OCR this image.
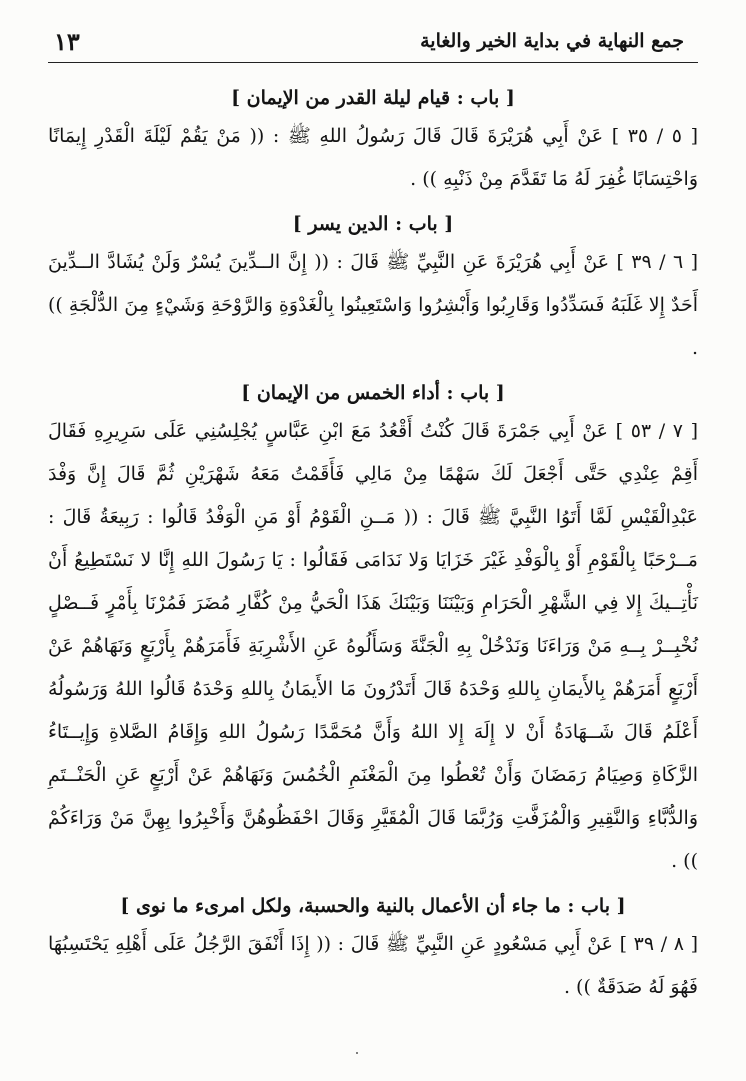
جمع النهاية في بداية الخير والغاية
١٣
[ باب : قيام ليلة القدر من الإيمان ]

[ ٥ / ٣٥ ] عَنْ أَبِي هُرَيْرَةَ قَالَ قَالَ رَسُولُ اللهِ ﷺ : (( مَنْ يَقُمْ لَيْلَةَ الْقَدْرِ إِيمَانًا وَاحْتِسَابًا غُفِرَ لَهُ مَا تَقَدَّمَ مِنْ ذَنْبِهِ )) .

[ باب : الدين يسر ]

[ ٦ / ٣٩ ] عَنْ أَبِي هُرَيْرَةَ عَنِ النَّبِيِّ ﷺ قَالَ : (( إِنَّ الــدِّينَ يُسْرٌ وَلَنْ يُشَادَّ الــدِّينَ أَحَدٌ إِلا غَلَبَهُ فَسَدِّدُوا وَقَارِبُوا وَأَبْشِرُوا وَاسْتَعِينُوا بِالْغَدْوَةِ وَالرَّوْحَةِ وَشَيْءٍ مِنَ الدُّلْجَةِ )) .

[ باب : أداء الخمس من الإيمان ]

[ ٧ / ٥٣ ] عَنْ أَبِي جَمْرَةَ قَالَ كُنْتُ أَقْعُدُ مَعَ ابْنِ عَبَّاسٍ يُجْلِسُنِي عَلَى سَرِيرِهِ فَقَالَ أَقِمْ عِنْدِي حَتَّى أَجْعَلَ لَكَ سَهْمًا مِنْ مَالِي فَأَقَمْتُ مَعَهُ شَهْرَيْنِ ثُمَّ قَالَ إِنَّ وَفْدَ عَبْدِالْقَيْسِ لَمَّا أَتَوُا النَّبِيَّ ﷺ قَالَ : (( مَــنِ الْقَوْمُ أَوْ مَنِ الْوَفْدُ قَالُوا : رَبِيعَةُ قَالَ : مَــرْحَبًا بِالْقَوْمِ أَوْ بِالْوَفْدِ غَيْرَ خَزَايَا وَلا نَدَامَى فَقَالُوا : يَا رَسُولَ اللهِ إِنَّا لا نَسْتَطِيعُ أَنْ نَأْتِــيكَ إِلا فِي الشَّهْرِ الْحَرَامِ وَبَيْنَنَا وَبَيْنَكَ هَذَا الْحَيُّ مِنْ كُفَّارِ مُضَرَ فَمُرْنَا بِأَمْرٍ فَــصْلٍ نُخْبِــرْ بِــهِ مَنْ وَرَاءَنَا وَنَدْخُلْ بِهِ الْجَنَّةَ وَسَأَلُوهُ عَنِ الأَشْرِبَةِ فَأَمَرَهُمْ بِأَرْبَعٍ وَنَهَاهُمْ عَنْ أَرْبَعٍ أَمَرَهُمْ بِالأَيمَانِ بِاللهِ وَحْدَهُ قَالَ أَتَدْرُونَ مَا الأَيمَانُ بِاللهِ وَحْدَهُ قَالُوا اللهُ وَرَسُولُهُ أَعْلَمُ قَالَ شَــهَادَةُ أَنْ لا إِلَهَ إِلا اللهُ وَأَنَّ مُحَمَّدًا رَسُولُ اللهِ وَإِقَامُ الصَّلاةِ وَإِيــتَاءُ الزَّكَاةِ وَصِيَامُ رَمَضَانَ وَأَنْ تُعْطُوا مِنَ الْمَغْنَمِ الْخُمُسَ وَنَهَاهُمْ عَنْ أَرْبَعٍ عَنِ الْحَنْــتَمِ وَالدُّبَّاءِ وَالنَّقِيرِ وَالْمُزَفَّتِ وَرُبَّمَا قَالَ الْمُقَيَّرِ وَقَالَ احْفَظُوهُنَّ وَأَخْبِرُوا بِهِنَّ مَنْ وَرَاءَكُمْ )) .

[ باب : ما جاء أن الأعمال بالنية والحسبة، ولكل امرىء ما نوى ]

[ ٨ / ٣٩ ] عَنْ أَبِي مَسْعُودٍ عَنِ النَّبِيِّ ﷺ قَالَ : (( إِذَا أَنْفَقَ الرَّجُلُ عَلَى أَهْلِهِ يَحْتَسِبُهَا فَهُوَ لَهُ صَدَقَةٌ )) .
